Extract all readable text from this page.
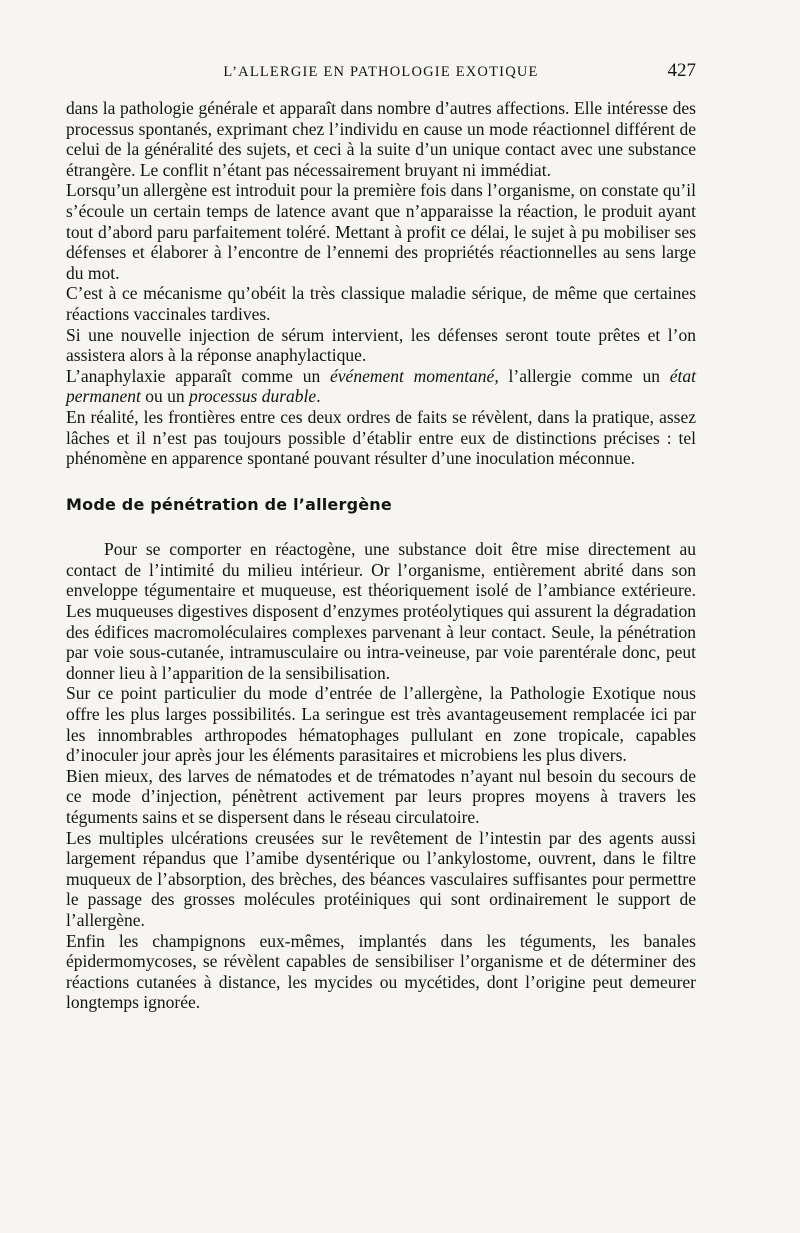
L’ALLERGIE EN PATHOLOGIE EXOTIQUE	427

dans la pathologie générale et apparaît dans nombre d’autres affections. Elle intéresse des processus spontanés, exprimant chez l’individu en cause un mode réactionnel différent de celui de la généralité des sujets, et ceci à la suite d’un unique contact avec une substance étrangère. Le conflit n’étant pas nécessairement bruyant ni immédiat.

Lorsqu’un allergène est introduit pour la première fois dans l’organisme, on constate qu’il s’écoule un certain temps de latence avant que n’apparaisse la réaction, le produit ayant tout d’abord paru parfaitement toléré. Mettant à profit ce délai, le sujet à pu mobiliser ses défenses et élaborer à l’encontre de l’ennemi des propriétés réactionnelles au sens large du mot.

C’est à ce mécanisme qu’obéit la très classique maladie sérique, de même que certaines réactions vaccinales tardives.

Si une nouvelle injection de sérum intervient, les défenses seront toute prêtes et l’on assistera alors à la réponse anaphylactique.

L’anaphylaxie apparaît comme un événement momentané, l’allergie comme un état permanent ou un processus durable.

En réalité, les frontières entre ces deux ordres de faits se révèlent, dans la pratique, assez lâches et il n’est pas toujours possible d’établir entre eux de distinctions précises : tel phénomène en apparence spontané pouvant résulter d’une inoculation méconnue.

Mode de pénétration de l’allergène

Pour se comporter en réactogène, une substance doit être mise directement au contact de l’intimité du milieu intérieur. Or l’organisme, entièrement abrité dans son enveloppe tégumentaire et muqueuse, est théoriquement isolé de l’ambiance extérieure. Les muqueuses digestives disposent d’enzymes protéolytiques qui assurent la dégradation des édifices macromoléculaires complexes parvenant à leur contact. Seule, la pénétration par voie sous-cutanée, intramusculaire ou intra-veineuse, par voie parentérale donc, peut donner lieu à l’apparition de la sensibilisation.

Sur ce point particulier du mode d’entrée de l’allergène, la Pathologie Exotique nous offre les plus larges possibilités. La seringue est très avantageusement remplacée ici par les innombrables arthropodes hématophages pullulant en zone tropicale, capables d’inoculer jour après jour les éléments parasitaires et microbiens les plus divers.

Bien mieux, des larves de nématodes et de trématodes n’ayant nul besoin du secours de ce mode d’injection, pénètrent activement par leurs propres moyens à travers les téguments sains et se dispersent dans le réseau circulatoire.

Les multiples ulcérations creusées sur le revêtement de l’intestin par des agents aussi largement répandus que l’amibe dysentérique ou l’ankylostome, ouvrent, dans le filtre muqueux de l’absorption, des brèches, des béances vasculaires suffisantes pour permettre le passage des grosses molécules protéiniques qui sont ordinairement le support de l’allergène.

Enfin les champignons eux-mêmes, implantés dans les téguments, les banales épidermomycoses, se révèlent capables de sensibiliser l’organisme et de déterminer des réactions cutanées à distance, les mycides ou mycétides, dont l’origine peut demeurer longtemps ignorée.
